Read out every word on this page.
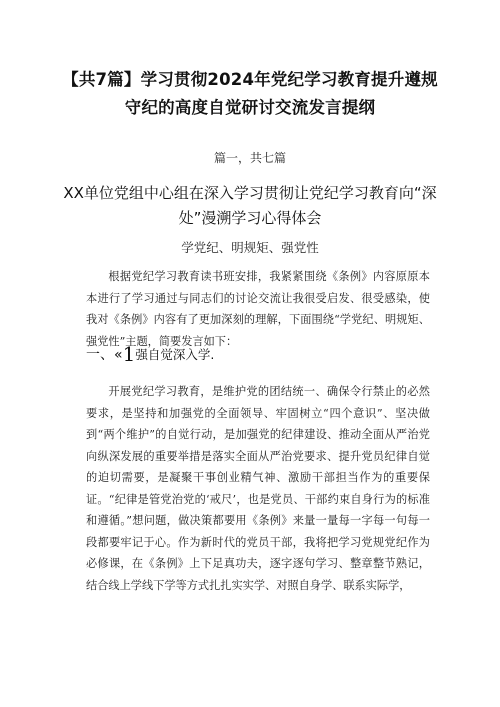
【共7篇】学习贯彻2024年党纪学习教育提升遵规守纪的高度自觉研讨交流发言提纲
篇一，共七篇
XX单位党组中心组在深入学习贯彻让党纪学习教育向“深处”漫溯学习心得体会
学党纪、明规矩、强党性

根据党纪学习教育读书班安排，我紧紧围绕《条例》内容原原本本进行了学习通过与同志们的讨论交流让我很受启发、很受感染，使我对《条例》内容有了更加深刻的理解，下面围绕“学党纪、明规矩、强党性”主题，简要发言如下：

一、«1强自觉深入学.

开展党纪学习教育，是维护党的团结统一、确保令行禁止的必然要求，是坚持和加强党的全面领导、牢固树立“四个意识”、坚决做到“两个维护”的自觉行动，是加强党的纪律建设、推动全面从严治党向纵深发展的重要举措是落实全面从严治党要求、提升党员纪律自觉的迫切需要，是凝聚干事创业精气神、激励干部担当作为的重要保证。“纪律是管党治党的‘戒尺’，也是党员、干部约束自身行为的标准和遵循。”想问题，做决策都要用《条例》来量一量每一字每一句每一段都要牢记于心。作为新时代的党员干部，我将把学习党规党纪作为必修课，在《条例》上下足真功夫，逐字逐句学习、整章整节熟记，结合线上学线下学等方式扎扎实实学、对照自身学、联系实际学，
